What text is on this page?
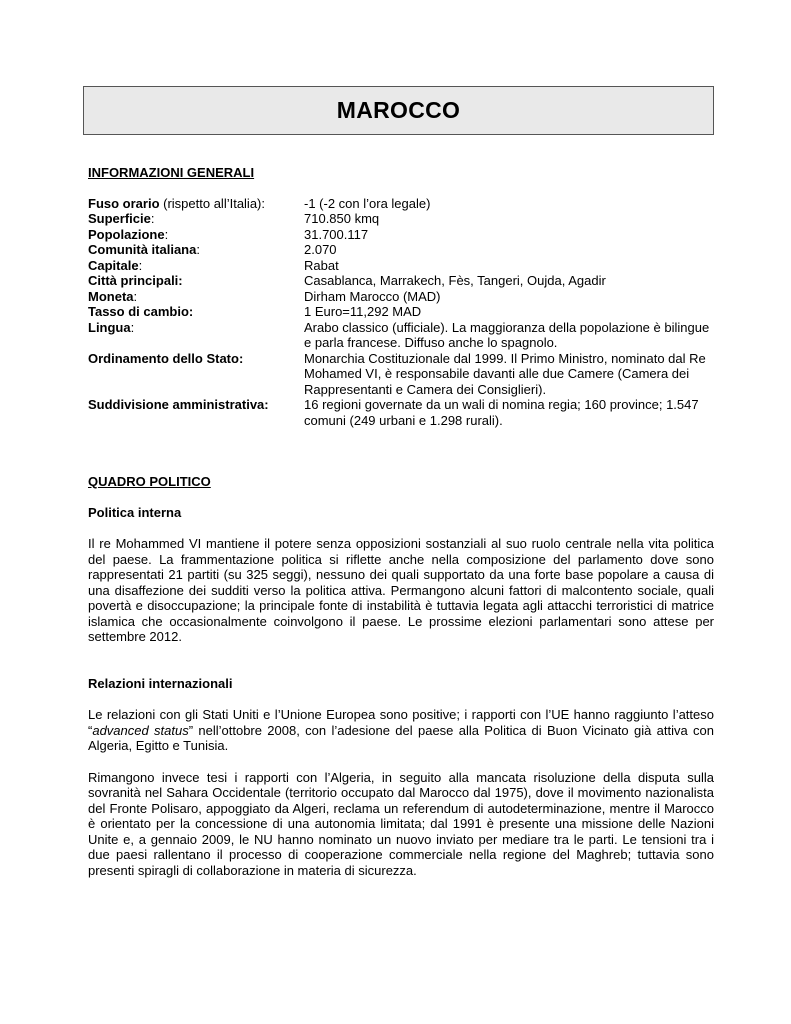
MAROCCO

INFORMAZIONI GENERALI

Fuso orario (rispetto all’Italia):	-1 (-2 con l’ora legale)
Superficie:	710.850 kmq
Popolazione:	31.700.117
Comunità italiana:	2.070
Capitale:	Rabat
Città principali:	Casablanca, Marrakech, Fès, Tangeri, Oujda, Agadir
Moneta:	Dirham Marocco (MAD)
Tasso di cambio:	1 Euro=11,292 MAD
Lingua:	Arabo classico (ufficiale). La maggioranza della popolazione è bilingue e parla francese. Diffuso anche lo spagnolo.
Ordinamento dello Stato:	Monarchia Costituzionale dal 1999. Il Primo Ministro, nominato dal Re Mohamed VI, è responsabile davanti alle due Camere (Camera dei Rappresentanti e Camera dei Consiglieri).
Suddivisione amministrativa:	16 regioni governate da un wali di nomina regia; 160 province; 1.547 comuni (249 urbani e 1.298 rurali).

QUADRO POLITICO

Politica interna

Il re Mohammed VI mantiene il potere senza opposizioni sostanziali al suo ruolo centrale nella vita politica del paese. La frammentazione politica si riflette anche nella composizione del parlamento dove sono rappresentati 21 partiti (su 325 seggi), nessuno dei quali supportato da una forte base popolare a causa di una disaffezione dei sudditi verso la politica attiva. Permangono alcuni fattori di malcontento sociale, quali povertà e disoccupazione; la principale fonte di instabilità è tuttavia legata agli attacchi terroristici di matrice islamica che occasionalmente coinvolgono il paese. Le prossime elezioni parlamentari sono attese per settembre 2012.

Relazioni internazionali

Le relazioni con gli Stati Uniti e l’Unione Europea sono positive; i rapporti con l’UE hanno raggiunto l’atteso “advanced status” nell’ottobre 2008, con l’adesione del paese alla Politica di Buon Vicinato già attiva con Algeria, Egitto e Tunisia.

Rimangono invece tesi i rapporti con l’Algeria, in seguito alla mancata risoluzione della disputa sulla sovranità nel Sahara Occidentale (territorio occupato dal Marocco dal 1975), dove il movimento nazionalista del Fronte Polisaro, appoggiato da Algeri, reclama un referendum di autodeterminazione, mentre il Marocco è orientato per la concessione di una autonomia limitata; dal 1991 è presente una missione delle Nazioni Unite e, a gennaio 2009, le NU hanno nominato un nuovo inviato per mediare tra le parti. Le tensioni tra i due paesi rallentano il processo di cooperazione commerciale nella regione del Maghreb; tuttavia sono presenti spiragli di collaborazione in materia di sicurezza.
